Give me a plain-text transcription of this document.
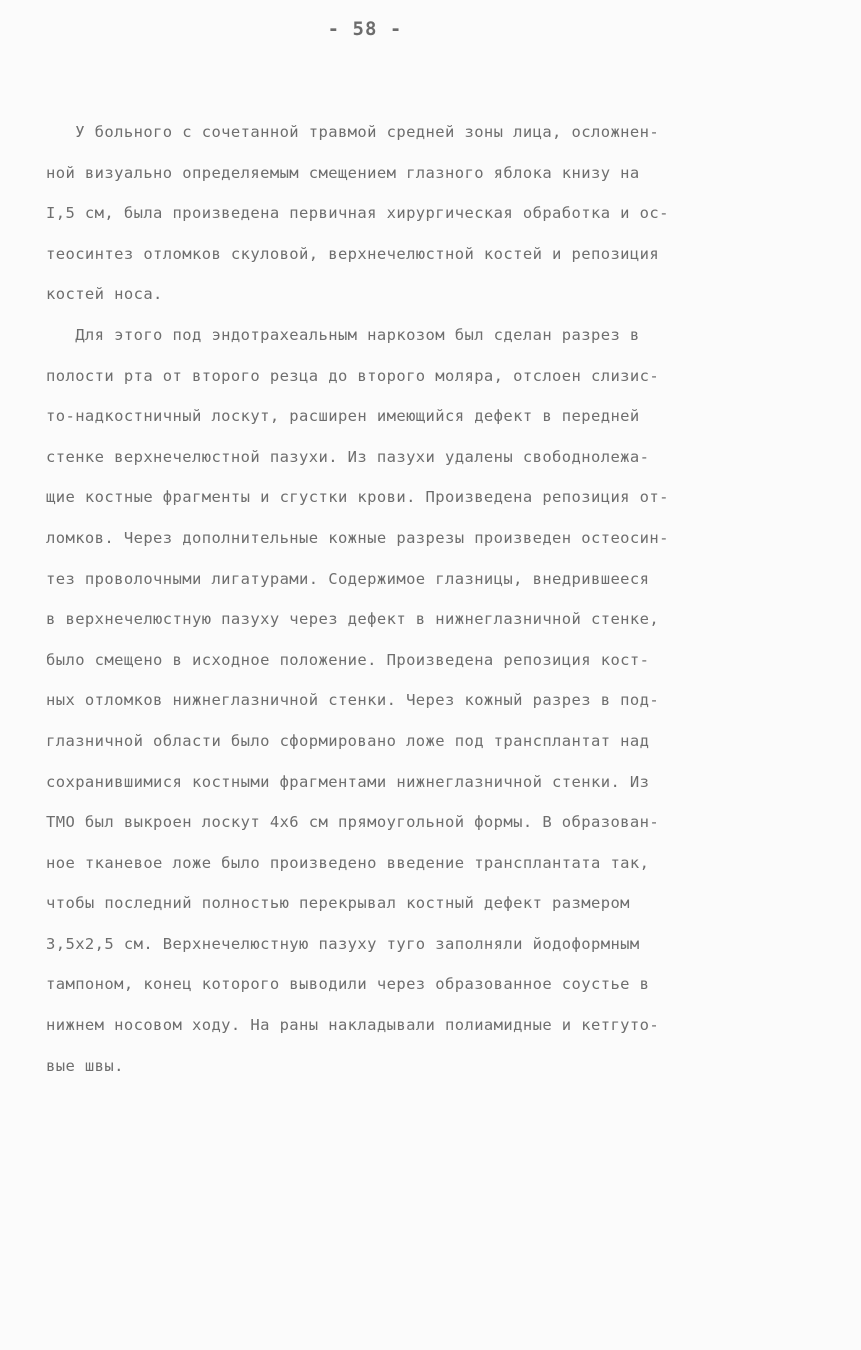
- 58 -
У больного с сочетанной травмой средней зоны лица, осложнен-
ной визуально определяемым смещением глазного яблока книзу на
I,5 см, была произведена первичная хирургическая обработка и ос-
теосинтез отломков скуловой, верхнечелюстной костей и репозиция
костей носа.
Для этого под эндотрахеальным наркозом был сделан разрез в
полости рта от второго резца до второго моляра, отслоен слизис-
то-надкостничный лоскут, расширен имеющийся дефект в передней
стенке верхнечелюстной пазухи. Из пазухи удалены свободнолежа-
щие костные фрагменты и сгустки крови. Произведена репозиция от-
ломков. Через дополнительные кожные разрезы произведен остеосин-
тез проволочными лигатурами. Содержимое глазницы, внедрившееся
в верхнечелюстную пазуху через дефект в нижнеглазничной стенке,
было смещено в исходное положение. Произведена репозиция кост-
ных отломков нижнеглазничной стенки. Через кожный разрез в под-
глазничной области было сформировано ложе под трансплантат над
сохранившимися костными фрагментами нижнеглазничной стенки. Из
ТМО был выкроен лоскут 4х6 см прямоугольной формы. В образован-
ное тканевое ложе было произведено введение трансплантата так,
чтобы последний полностью перекрывал костный дефект размером
3,5х2,5 см. Верхнечелюстную пазуху туго заполняли йодоформным
тампоном, конец которого выводили через образованное соустье в
нижнем носовом ходу. На раны накладывали полиамидные и кетгуто-
вые швы.
